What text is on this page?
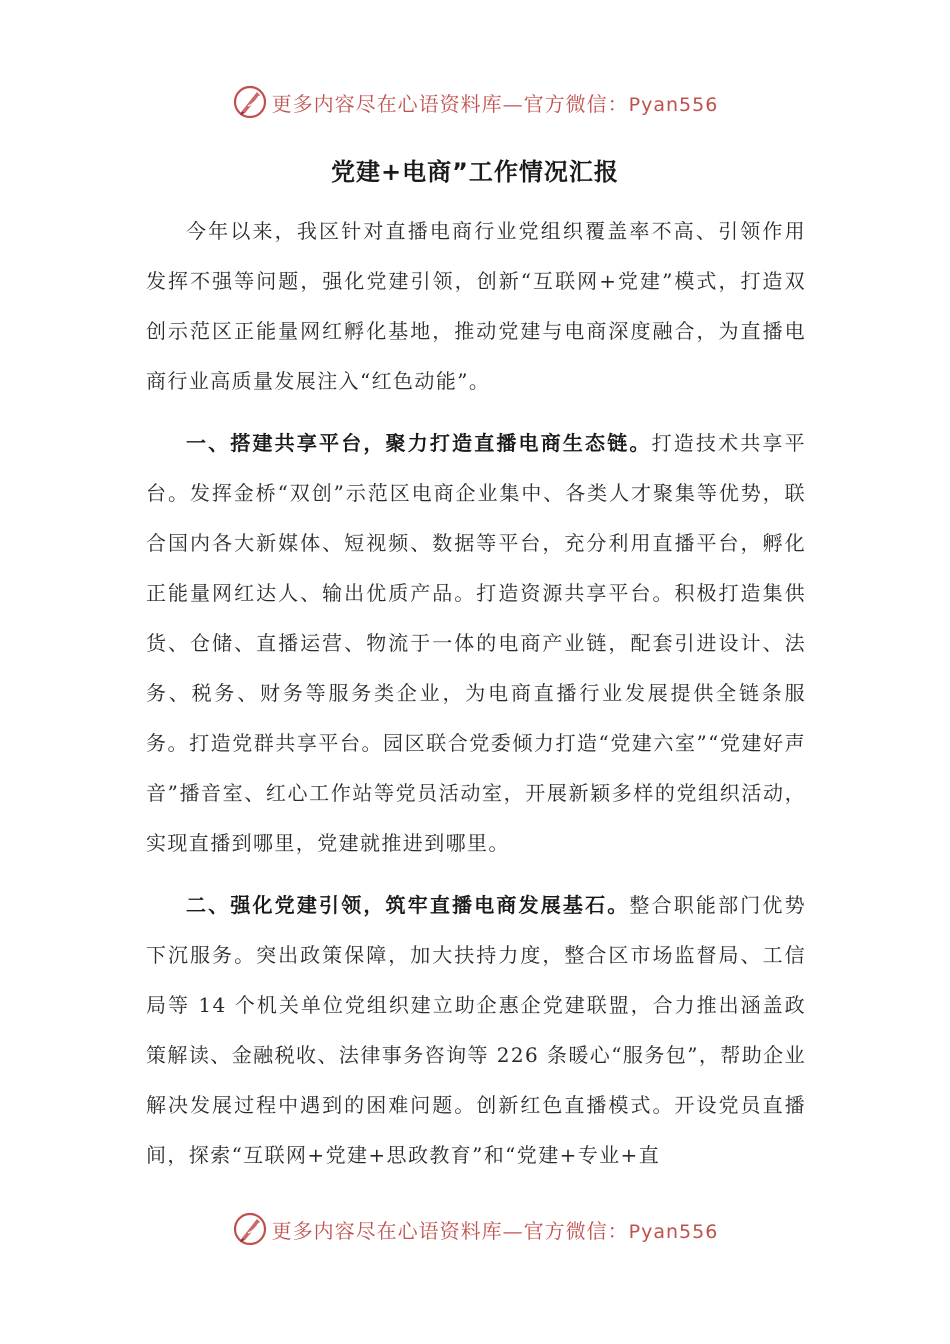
更多内容尽在心语资料库—官方微信：Pyan556
党建+电商”工作情况汇报

今年以来，我区针对直播电商行业党组织覆盖率不高、引领作用发挥不强等问题，强化党建引领，创新“互联网+党建”模式，打造双创示范区正能量网红孵化基地，推动党建与电商深度融合，为直播电商行业高质量发展注入“红色动能”。

一、搭建共享平台，聚力打造直播电商生态链。打造技术共享平台。发挥金桥“双创”示范区电商企业集中、各类人才聚集等优势，联合国内各大新媒体、短视频、数据等平台，充分利用直播平台，孵化正能量网红达人、输出优质产品。打造资源共享平台。积极打造集供货、仓储、直播运营、物流于一体的电商产业链，配套引进设计、法务、税务、财务等服务类企业，为电商直播行业发展提供全链条服务。打造党群共享平台。园区联合党委倾力打造“党建六室”“党建好声音”播音室、红心工作站等党员活动室，开展新颖多样的党组织活动，实现直播到哪里，党建就推进到哪里。

二、强化党建引领，筑牢直播电商发展基石。整合职能部门优势下沉服务。突出政策保障，加大扶持力度，整合区市场监督局、工信局等 14 个机关单位党组织建立助企惠企党建联盟，合力推出涵盖政策解读、金融税收、法律事务咨询等 226 条暖心“服务包”，帮助企业解决发展过程中遇到的困难问题。创新红色直播模式。开设党员直播间，探索“互联网+党建+思政教育”和“党建+专业+直

更多内容尽在心语资料库—官方微信：Pyan556
